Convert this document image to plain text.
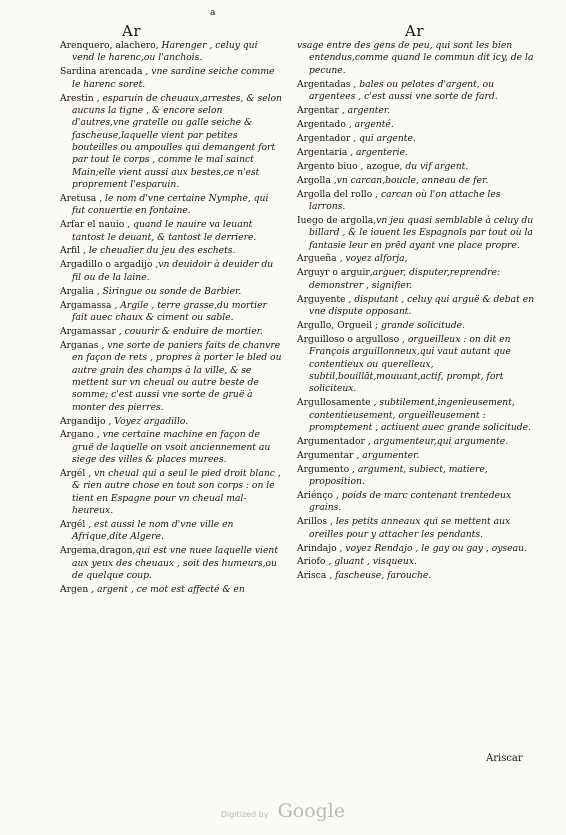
a
Ar	Ar

Arenquero, alachero, Harenger , celuy qui vend le harenc,ou l'anchois.

Sardina arencada , vne sardine seiche comme le harenc soret.

Arestin , esparuin de cheuaux,arrestes, & selon aucuns la tigne , & encore selon d'autres,vne gratelle ou galle seiche & fascheuse,laquelle vient par petites bouteilles ou ampoulles qui demangent fort par tout le corps , comme le mal sainct Main;elle vient aussi aux bestes,ce n'est proprement l'esparuin.

Aretusa , le nom d'vne certaine Nymphe, qui fut conuertie en fontaine.

Arfar el nauio , quand le nauire va leuant tantost le deuant, & tantost le derriere.

Arfil , le cheualier du jeu des eschets.

Argadillo o argadijo ,vn deuidoir à deuider du fil ou de la laine.

Argalia , Siringue ou sonde de Barbier.

Argamassa , Argile , terre grasse,du mortier fait auec chaux & ciment ou sable.

Argamassar , couurir & enduire de mortier.

Arganas , vne sorte de paniers faits de chanvre en façon de rets , propres à porter le bled ou autre grain des champs à la ville, & se mettent sur vn cheual ou autre beste de somme; c'est aussi vne sorte de gruë à monter des pierres.

Argandijo , Voyez argadillo.

Argano , vne certaine machine en façon de gruë de laquelle on vsoit anciennement au siege des villes & places murees.

Argél , vn cheual qui a seul le pied droit blanc , & rien autre chose en tout son corps : on le tient en Espagne pour vn cheual mal-heureux.

Argél , est aussi le nom d'vne ville en Afrique,dite Algere.

Argema,dragon,qui est vne nuee laquelle vient aux yeux des cheuaux , soit des humeurs,ou de quelque coup.

Argen , argent , ce mot est affecté & en

vsage entre des gens de peu, qui sont les bien entendus,comme quand le commun dit icy, de la pecune.

Argentadas , bales ou pelotes d'argent, ou argentees , c'est aussi vne sorte de fard.

Argentar , argenter.

Argentado , argenté.

Argentador , qui argente.

Argentaria , argenterie.

Argento biuo , azogue, du vif argent.

Argolla ,vn carcan,boucle, anneau de fer.

Argolla del rollo , carcan où l'on attache les larrons.

Iuego de argolla,vn jeu quasi semblable à celuy du billard , & le iouent les Espagnols par tout où la fantasie leur en prēd ayant vne place propre.

Argueña , voyez alforja,

Arguyr o arguir,arguer, disputer,reprendre: demonstrer , signifier.

Arguyente , disputant , celuy qui arguë & debat en vne dispute opposant.

Argullo, Orgueil ; grande solicitude.

Arguilloso o argulloso , orgueilleux : on dit en François arguillonneux,qui vaut autant que contentieux ou querelleux, subtil,bouillāt,mouuant,actif, prompt, fort soliciteux.

Argullosamente , subtilement,ingenieusement, contentieusement, orgueilleusement : promptement , actiuent auec grande solicitude.

Argumentador , argumenteur,qui argumente.

Argumentar , argumenter.

Argumento , argument, subiect, matiere, proposition.

Ariénço , poids de marc contenant trentedeux grains.

Arillos , les petits anneaux qui se mettent aux oreilles pour y attacher les pendants.

Arindajo , voyez Rendajo , le gay ou gay , oyseau.

Ariofo , gluant , visqueux.

Arisca , fascheuse, farouche.

Ariscar
Digitized by Google
